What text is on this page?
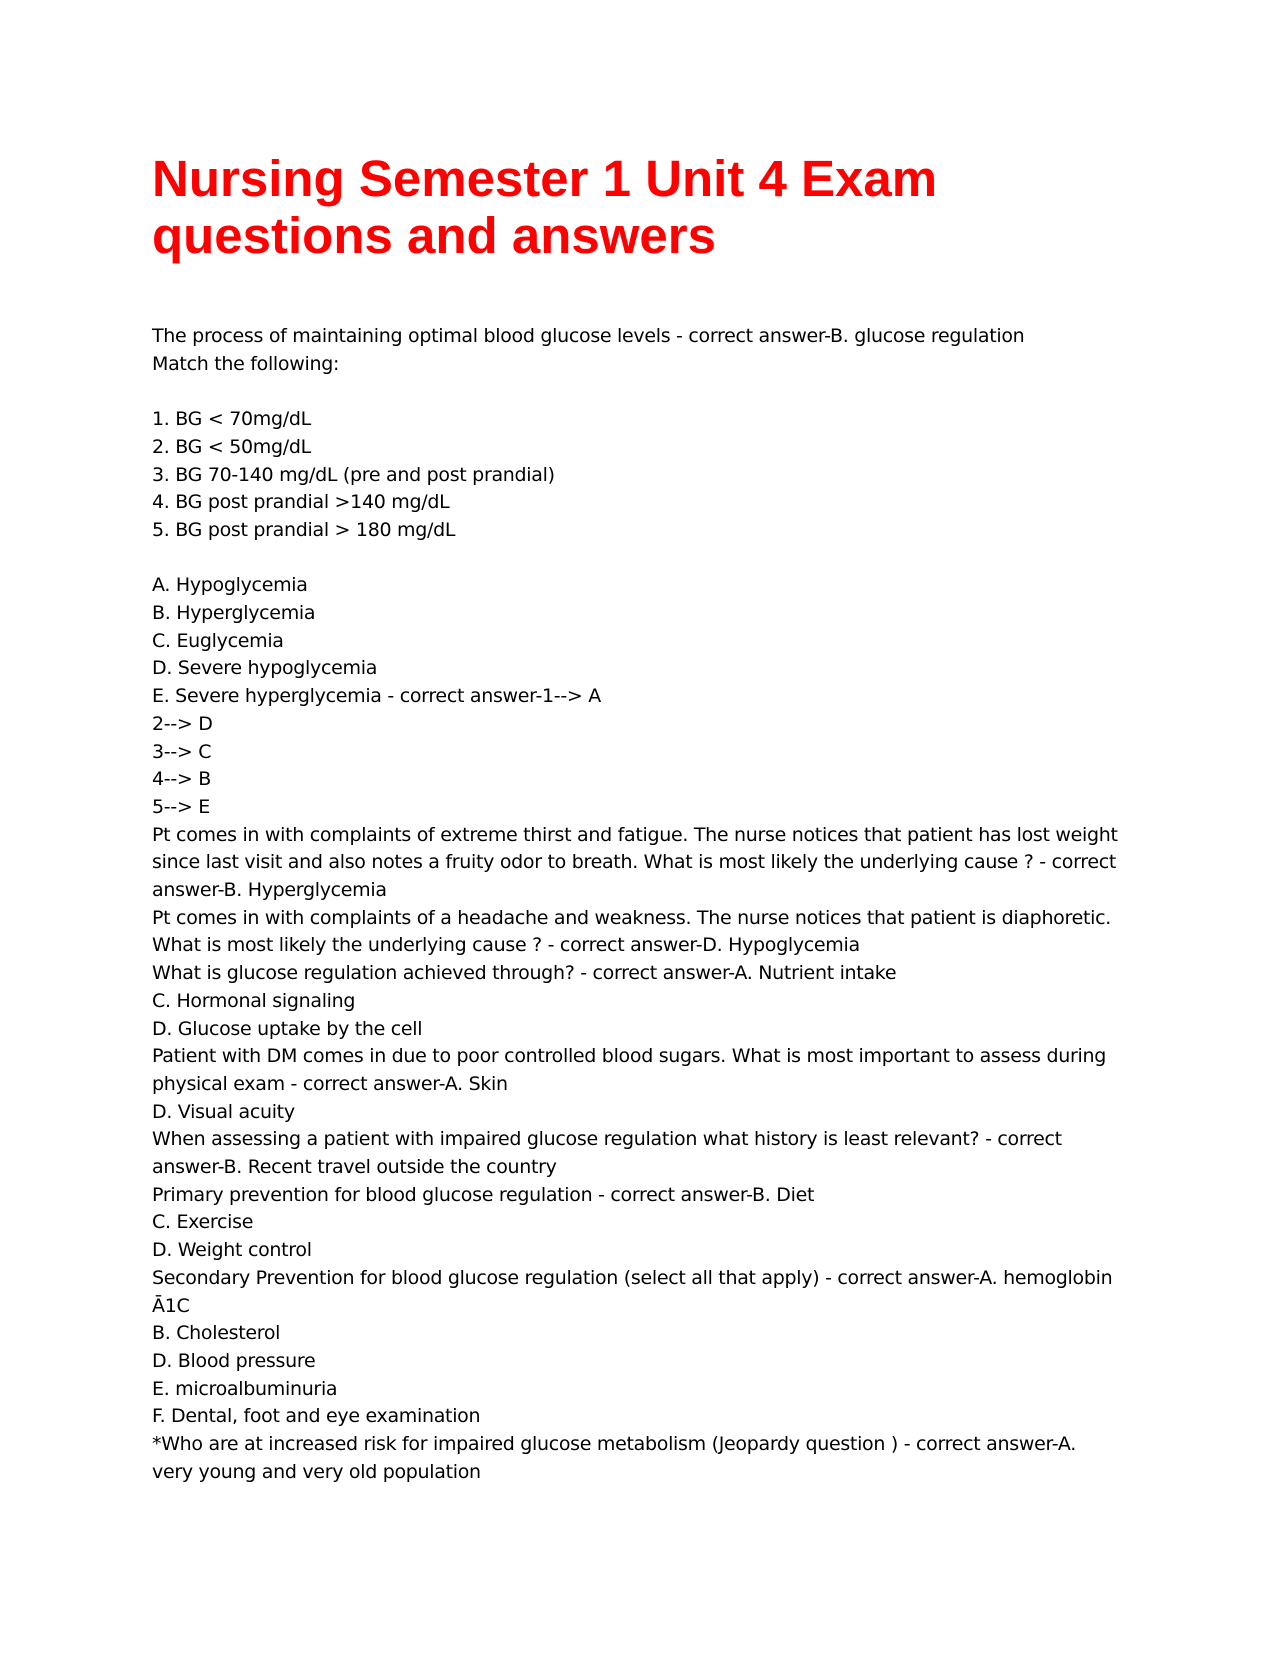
Nursing Semester 1 Unit 4 Exam
questions and answers
The process of maintaining optimal blood glucose levels - correct answer-B. glucose regulation
Match the following:
1. BG < 70mg/dL
2. BG < 50mg/dL
3. BG 70-140 mg/dL (pre and post prandial)
4. BG post prandial >140 mg/dL
5. BG post prandial > 180 mg/dL
A. Hypoglycemia
B. Hyperglycemia
C. Euglycemia
D. Severe hypoglycemia
E. Severe hyperglycemia - correct answer-1--> A
2--> D
3--> C
4--> B
5--> E
Pt comes in with complaints of extreme thirst and fatigue. The nurse notices that patient has lost weight
since last visit and also notes a fruity odor to breath. What is most likely the underlying cause ? - correct
answer-B. Hyperglycemia
Pt comes in with complaints of a headache and weakness. The nurse notices that patient is diaphoretic.
What is most likely the underlying cause ? - correct answer-D. Hypoglycemia
What is glucose regulation achieved through? - correct answer-A. Nutrient intake
C. Hormonal signaling
D. Glucose uptake by the cell
Patient with DM comes in due to poor controlled blood sugars. What is most important to assess during
physical exam - correct answer-A. Skin
D. Visual acuity
When assessing a patient with impaired glucose regulation what history is least relevant? - correct
answer-B. Recent travel outside the country
Primary prevention for blood glucose regulation - correct answer-B. Diet
C. Exercise
D. Weight control
Secondary Prevention for blood glucose regulation (select all that apply) - correct answer-A. hemoglobin
Ā1C
B. Cholesterol
D. Blood pressure
E. microalbuminuria
F. Dental, foot and eye examination
*Who are at increased risk for impaired glucose metabolism (Jeopardy question ) - correct answer-A.
very young and very old population
